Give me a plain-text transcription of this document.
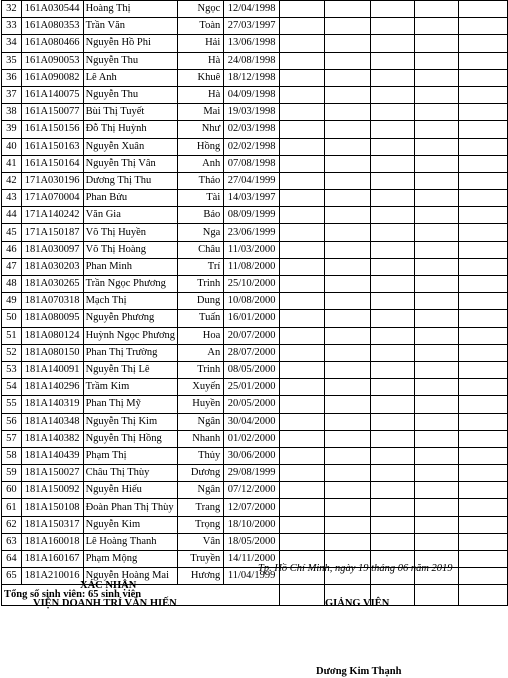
32	161A030544	Hoàng Thị	Ngọc	12/04/1998					
33	161A080353	Trần Văn	Toàn	27/03/1997					
34	161A080466	Nguyễn Hồ Phi	Hải	13/06/1998					
35	161A090053	Nguyễn Thu	Hà	24/08/1998					
36	161A090082	Lê Anh	Khuê	18/12/1998					
37	161A140075	Nguyễn Thu	Hà	04/09/1998					
38	161A150077	Bùi Thị Tuyết	Mai	19/03/1998					
39	161A150156	Đỗ Thị Huỳnh	Như	02/03/1998					
40	161A150163	Nguyễn Xuân	Hồng	02/02/1998					
41	161A150164	Nguyễn Thị Vân	Anh	07/08/1998					
42	171A030196	Dương Thị Thu	Thảo	27/04/1999					
43	171A070004	Phan Bửu	Tài	14/03/1997					
44	171A140242	Văn Gia	Bảo	08/09/1999					
45	171A150187	Võ Thị Huyền	Nga	23/06/1999					
46	181A030097	Võ Thị Hoàng	Châu	11/03/2000					
47	181A030203	Phan Minh	Trí	11/08/2000					
48	181A030265	Trần Ngọc Phương	Trinh	25/10/2000					
49	181A070318	Mạch Thị	Dung	10/08/2000					
50	181A080095	Nguyễn Phương	Tuấn	16/01/2000					
51	181A080124	Huỳnh Ngọc Phương	Hoa	20/07/2000					
52	181A080150	Phan Thị Trường	An	28/07/2000					
53	181A140091	Nguyễn Thị Lê	Trinh	08/05/2000					
54	181A140296	Trầm Kim	Xuyến	25/01/2000					
55	181A140319	Phan Thị Mỹ	Huyền	20/05/2000					
56	181A140348	Nguyễn Thị Kim	Ngân	30/04/2000					
57	181A140382	Nguyễn Thị Hồng	Nhanh	01/02/2000					
58	181A140439	Phạm Thị	Thủy	30/06/2000					
59	181A150027	Châu Thị Thùy	Dương	29/08/1999					
60	181A150092	Nguyễn Hiếu	Ngân	07/12/2000					
61	181A150108	Đoàn Phan Thị Thùy	Trang	12/07/2000					
62	181A150317	Nguyễn Kim	Trọng	18/10/2000					
63	181A160018	Lê Hoàng Thanh	Vân	18/05/2000					
64	181A160167	Phạm Mộng	Truyền	14/11/2000					
65	181A210016	Nguyễn Hoàng Mai	Hương	11/04/1999					
Tổng số sinh viên: 65 sinh viên									
Tp. Hồ Chí Minh, ngày 19 tháng 06 năm 2019
XÁC NHẬN
VIỆN DOANH TRÍ VĂN HIẾN	GIẢNG VIÊN
Dương Kim Thạnh
